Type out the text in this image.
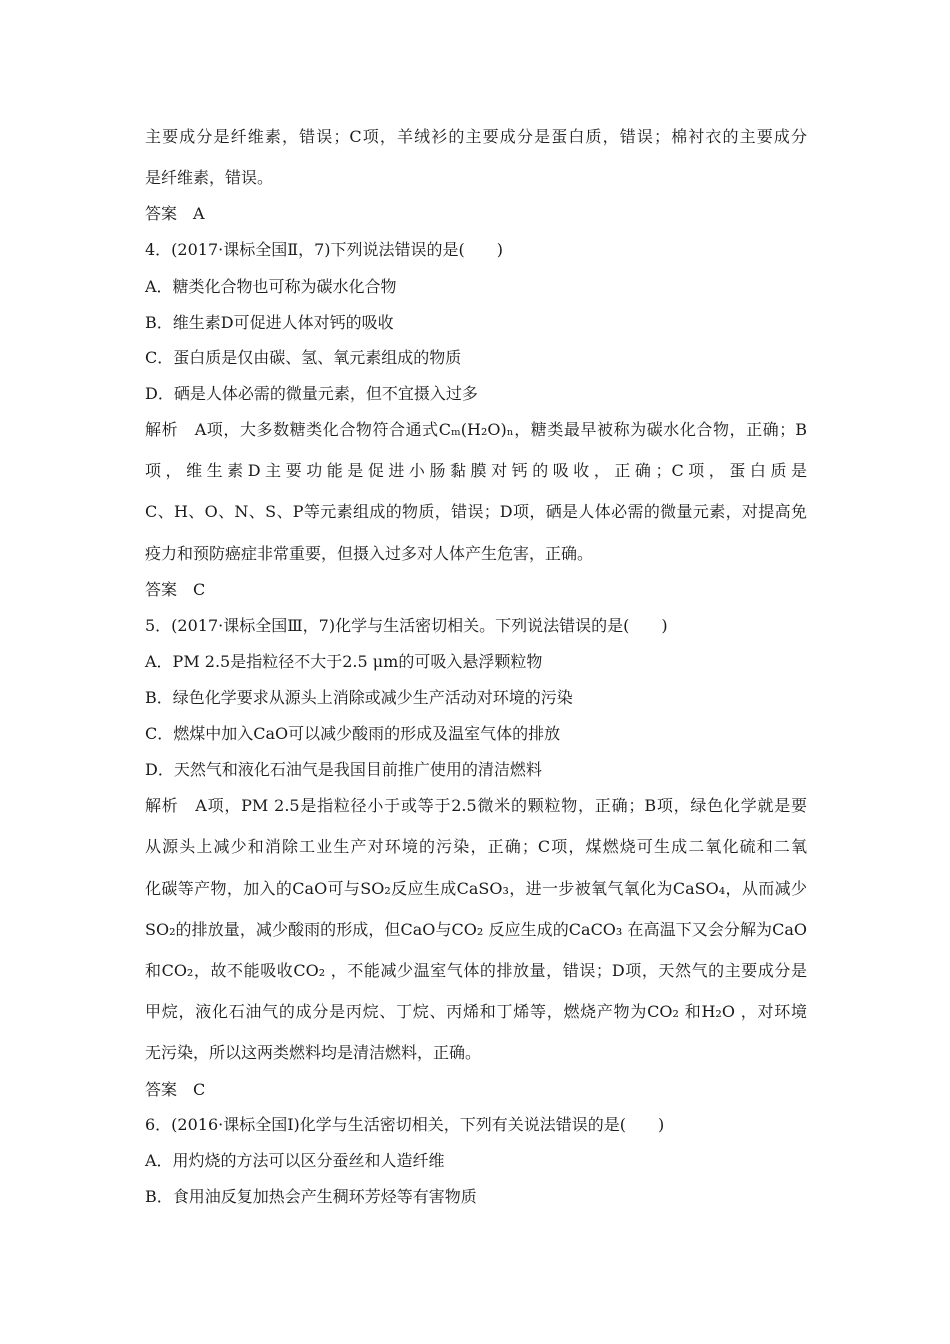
主要成分是纤维素，错误；C项，羊绒衫的主要成分是蛋白质，错误；棉衬衣的主要成分
是纤维素，错误。
答案　A
4．(2017·课标全国Ⅱ，7)下列说法错误的是(　　)
A．糖类化合物也可称为碳水化合物
B．维生素D可促进人体对钙的吸收
C．蛋白质是仅由碳、氢、氧元素组成的物质
D．硒是人体必需的微量元素，但不宜摄入过多
解析　A项，大多数糖类化合物符合通式Cₘ(H₂O)ₙ，糖类最早被称为碳水化合物，正确；B
项，维生素D主要功能是促进小肠黏膜对钙的吸收，正确；C项，蛋白质是
C、H、O、N、S、P等元素组成的物质，错误；D项，硒是人体必需的微量元素，对提高免
疫力和预防癌症非常重要，但摄入过多对人体产生危害，正确。
答案　C
5．(2017·课标全国Ⅲ，7)化学与生活密切相关。下列说法错误的是(　　)
A．PM 2.5是指粒径不大于2.5 μm的可吸入悬浮颗粒物
B．绿色化学要求从源头上消除或减少生产活动对环境的污染
C．燃煤中加入CaO可以减少酸雨的形成及温室气体的排放
D．天然气和液化石油气是我国目前推广使用的清洁燃料
解析　A项，PM 2.5是指粒径小于或等于2.5微米的颗粒物，正确；B项，绿色化学就是要
从源头上减少和消除工业生产对环境的污染，正确；C项，煤燃烧可生成二氧化硫和二氧
化碳等产物，加入的CaO可与SO₂反应生成CaSO₃，进一步被氧气氧化为CaSO₄，从而减少
SO₂的排放量，减少酸雨的形成，但CaO与CO₂ 反应生成的CaCO₃ 在高温下又会分解为CaO
和CO₂，故不能吸收CO₂ ，不能减少温室气体的排放量，错误；D项，天然气的主要成分是
甲烷，液化石油气的成分是丙烷、丁烷、丙烯和丁烯等，燃烧产物为CO₂ 和H₂O ，对环境
无污染，所以这两类燃料均是清洁燃料，正确。
答案　C
6．(2016·课标全国Ⅰ)化学与生活密切相关，下列有关说法错误的是(　　)
A．用灼烧的方法可以区分蚕丝和人造纤维
B．食用油反复加热会产生稠环芳烃等有害物质
